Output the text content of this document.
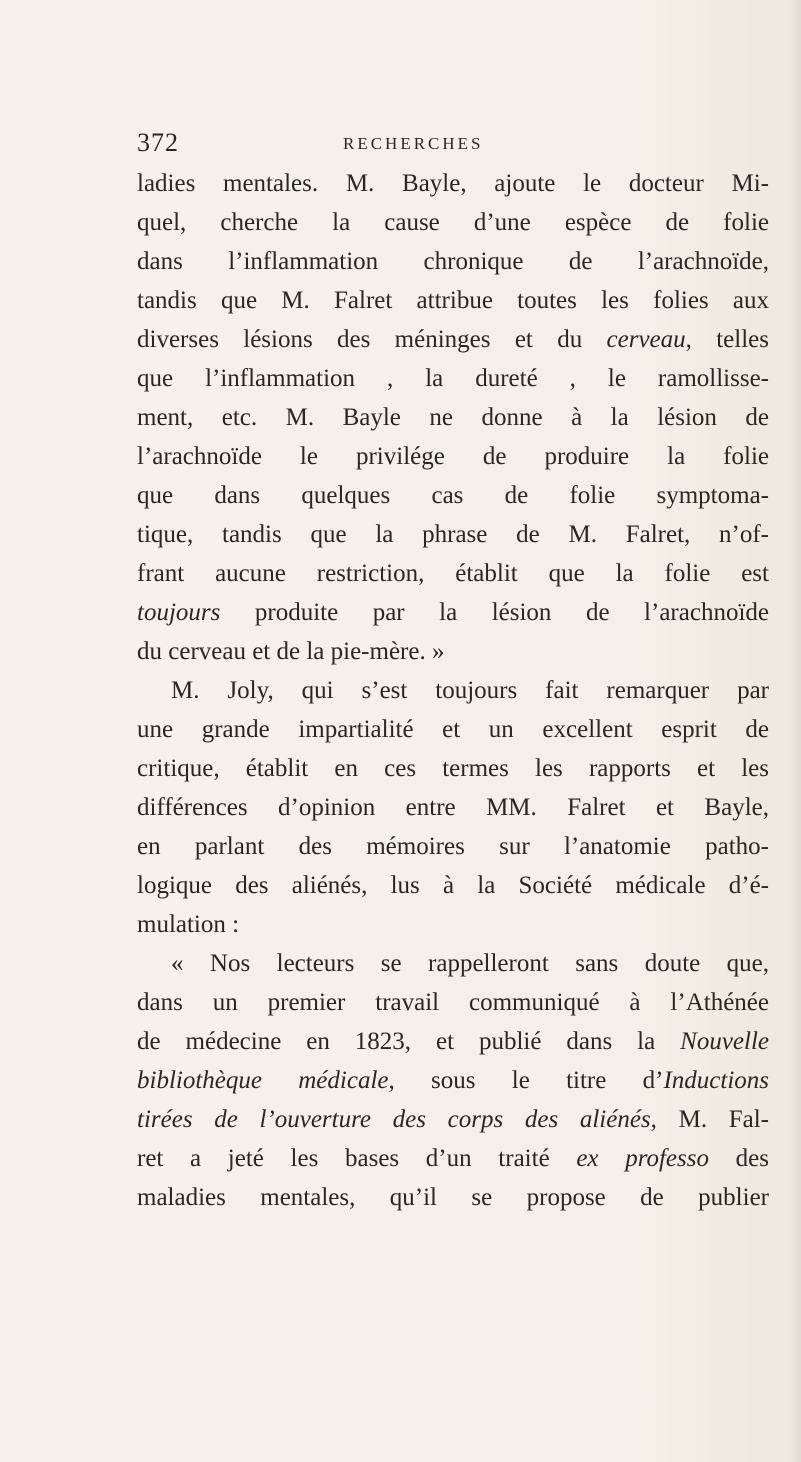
372	RECHERCHES
ladies mentales. M. Bayle, ajoute le docteur Mi-
quel, cherche la cause d’une espèce de folie
dans l’inflammation chronique de l’arachnoïde,
tandis que M. Falret attribue toutes les folies aux
diverses lésions des méninges et du cerveau, telles
que l’inflammation , la dureté , le ramollisse-
ment, etc. M. Bayle ne donne à la lésion de
l’arachnoïde le privilége de produire la folie
que dans quelques cas de folie symptoma-
tique, tandis que la phrase de M. Falret, n’of-
frant aucune restriction, établit que la folie est
toujours produite par la lésion de l’arachnoïde
du cerveau et de la pie-mère. »
M. Joly, qui s’est toujours fait remarquer par
une grande impartialité et un excellent esprit de
critique, établit en ces termes les rapports et les
différences d’opinion entre MM. Falret et Bayle,
en parlant des mémoires sur l’anatomie patho-
logique des aliénés, lus à la Société médicale d’é-
mulation :
« Nos lecteurs se rappelleront sans doute que,
dans un premier travail communiqué à l’Athénée
de médecine en 1823, et publié dans la Nouvelle
bibliothèque médicale, sous le titre d’Inductions
tirées de l’ouverture des corps des aliénés, M. Fal-
ret a jeté les bases d’un traité ex professo des
maladies mentales, qu’il se propose de publier
